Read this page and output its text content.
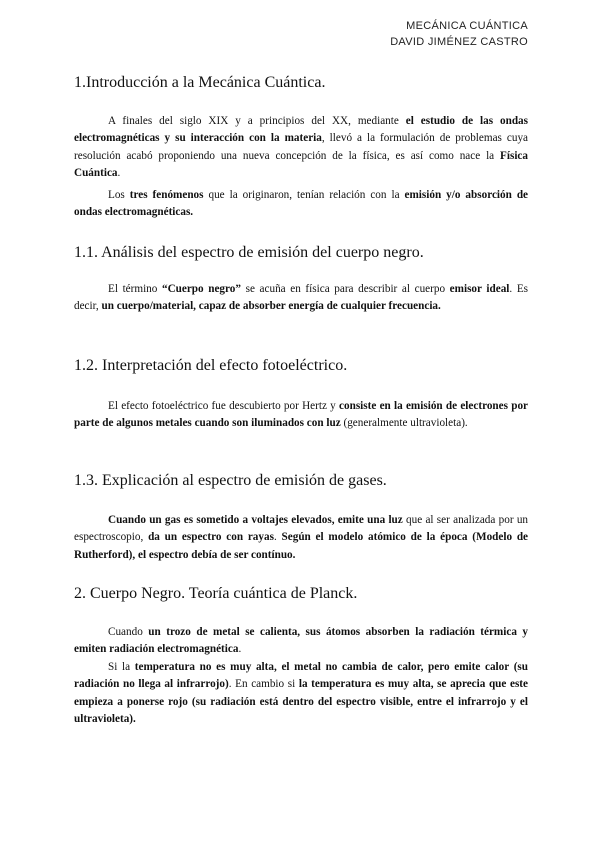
MECÁNICA CUÁNTICA
DAVID JIMÉNEZ CASTRO
1.Introducción a la Mecánica Cuántica.

A finales del siglo XIX y a principios del XX, mediante el estudio de las ondas electromagnéticas y su interacción con la materia, llevó a la formulación de problemas cuya resolución acabó proponiendo una nueva concepción de la física, es así como nace la Física Cuántica.

Los tres fenómenos que la originaron, tenían relación con la emisión y/o absorción de ondas electromagnéticas.

1.1. Análisis del espectro de emisión del cuerpo negro.

El término “Cuerpo negro” se acuña en física para describir al cuerpo emisor ideal. Es decir, un cuerpo/material, capaz de absorber energía de cualquier frecuencia.

1.2. Interpretación del efecto fotoeléctrico.

El efecto fotoeléctrico fue descubierto por Hertz y consiste en la emisión de electrones por parte de algunos metales cuando son iluminados con luz (generalmente ultravioleta).

1.3. Explicación al espectro de emisión de gases.

Cuando un gas es sometido a voltajes elevados, emite una luz que al ser analizada por un espectroscopio, da un espectro con rayas. Según el modelo atómico de la época (Modelo de Rutherford), el espectro debía de ser contínuo.

2. Cuerpo Negro. Teoría cuántica de Planck.

Cuando un trozo de metal se calienta, sus átomos absorben la radiación térmica y emiten radiación electromagnética.

Si la temperatura no es muy alta, el metal no cambia de calor, pero emite calor (su radiación no llega al infrarrojo). En cambio si la temperatura es muy alta, se aprecia que este empieza a ponerse rojo (su radiación está dentro del espectro visible, entre el infrarrojo y el ultravioleta).
